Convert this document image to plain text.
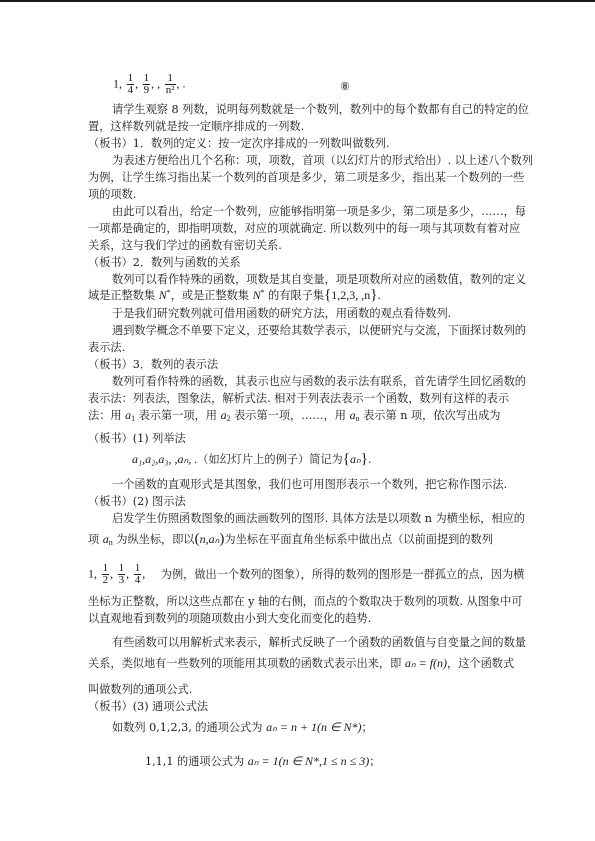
1, $\frac{1}{4}$ , $\frac{1}{9}$ , , $\frac{1}{\text{n²}}$ , .	⑧
请学生观察 8 列数，说明每列数就是一个数列，数列中的每个数都有自己的特定的位
置，这样数列就是按一定顺序排成的一列数.
（板书）1．数列的定义：按一定次序排成的一列数叫做数列.
为表述方便给出几个名称：项，项数，首项（以幻灯片的形式给出）. 以上述八个数列
为例，让学生练习指出某一个数列的首项是多少，第二项是多少，指出某一个数列的一些
项的项数.
由此可以看出，给定一个数列，应能够指明第一项是多少，第二项是多少，……，每
一项都是确定的，即指明项数，对应的项就确定. 所以数列中的每一项与其项数有着对应
关系，这与我们学过的函数有密切关系.
（板书）2．数列与函数的关系
数列可以看作特殊的函数，项数是其自变量，项是项数所对应的函数值，数列的定义
域是正整数集 N*，或是正整数集 N* 的有限子集{1,2,3, ,n}.
于是我们研究数列就可借用函数的研究方法，用函数的观点看待数列.
遇到数学概念不单要下定义，还要给其数学表示，以便研究与交流，下面探讨数列的
表示法.
（板书）3．数列的表示法
数列可看作特殊的函数，其表示也应与函数的表示法有联系，首先请学生回忆函数的
表示法：列表法，图象法，解析式法. 相对于列表法表示一个函数，数列有这样的表示
法：用 $a_1$ 表示第一项，用 $a_2$ 表示第一项，……，用 $a_n$ 表示第 n 项，依次写出成为
（板书）(1) 列举法
a₁,a₂,a₃, ,aₙ, .（如幻灯片上的例子）简记为{aₙ}.
一个函数的直观形式是其图象，我们也可用图形表示一个数列，把它称作图示法.
（板书）(2) 图示法
启发学生仿照函数图象的画法画数列的图形. 具体方法是以项数 n 为横坐标，相应的
项 $a_n$ 为纵坐标，即以(n,aₙ)为坐标在平面直角坐标系中做出点（以前面提到的数列
1, $\frac{1}{2}$ , $\frac{1}{3}$ , $\frac{1}{4}$ , 为例，做出一个数列的图象），所得的数列的图形是一群孤立的点，因为横
坐标为正整数，所以这些点都在 y 轴的右侧，而点的个数取决于数列的项数. 从图象中可
以直观地看到数列的项随项数由小到大变化而变化的趋势.
有些函数可以用解析式来表示，解析式反映了一个函数的函数值与自变量之间的数量
关系，类似地有一些数列的项能用其项数的函数式表示出来，即 aₙ = f(n)，这个函数式
叫做数列的通项公式.
（板书）(3) 通项公式法
如数列 0,1,2,3, 的通项公式为 aₙ = n + 1(n ∈ N*)；
1,1,1 的通项公式为 aₙ = 1(n ∈ N*,1 ≤ n ≤ 3)；
